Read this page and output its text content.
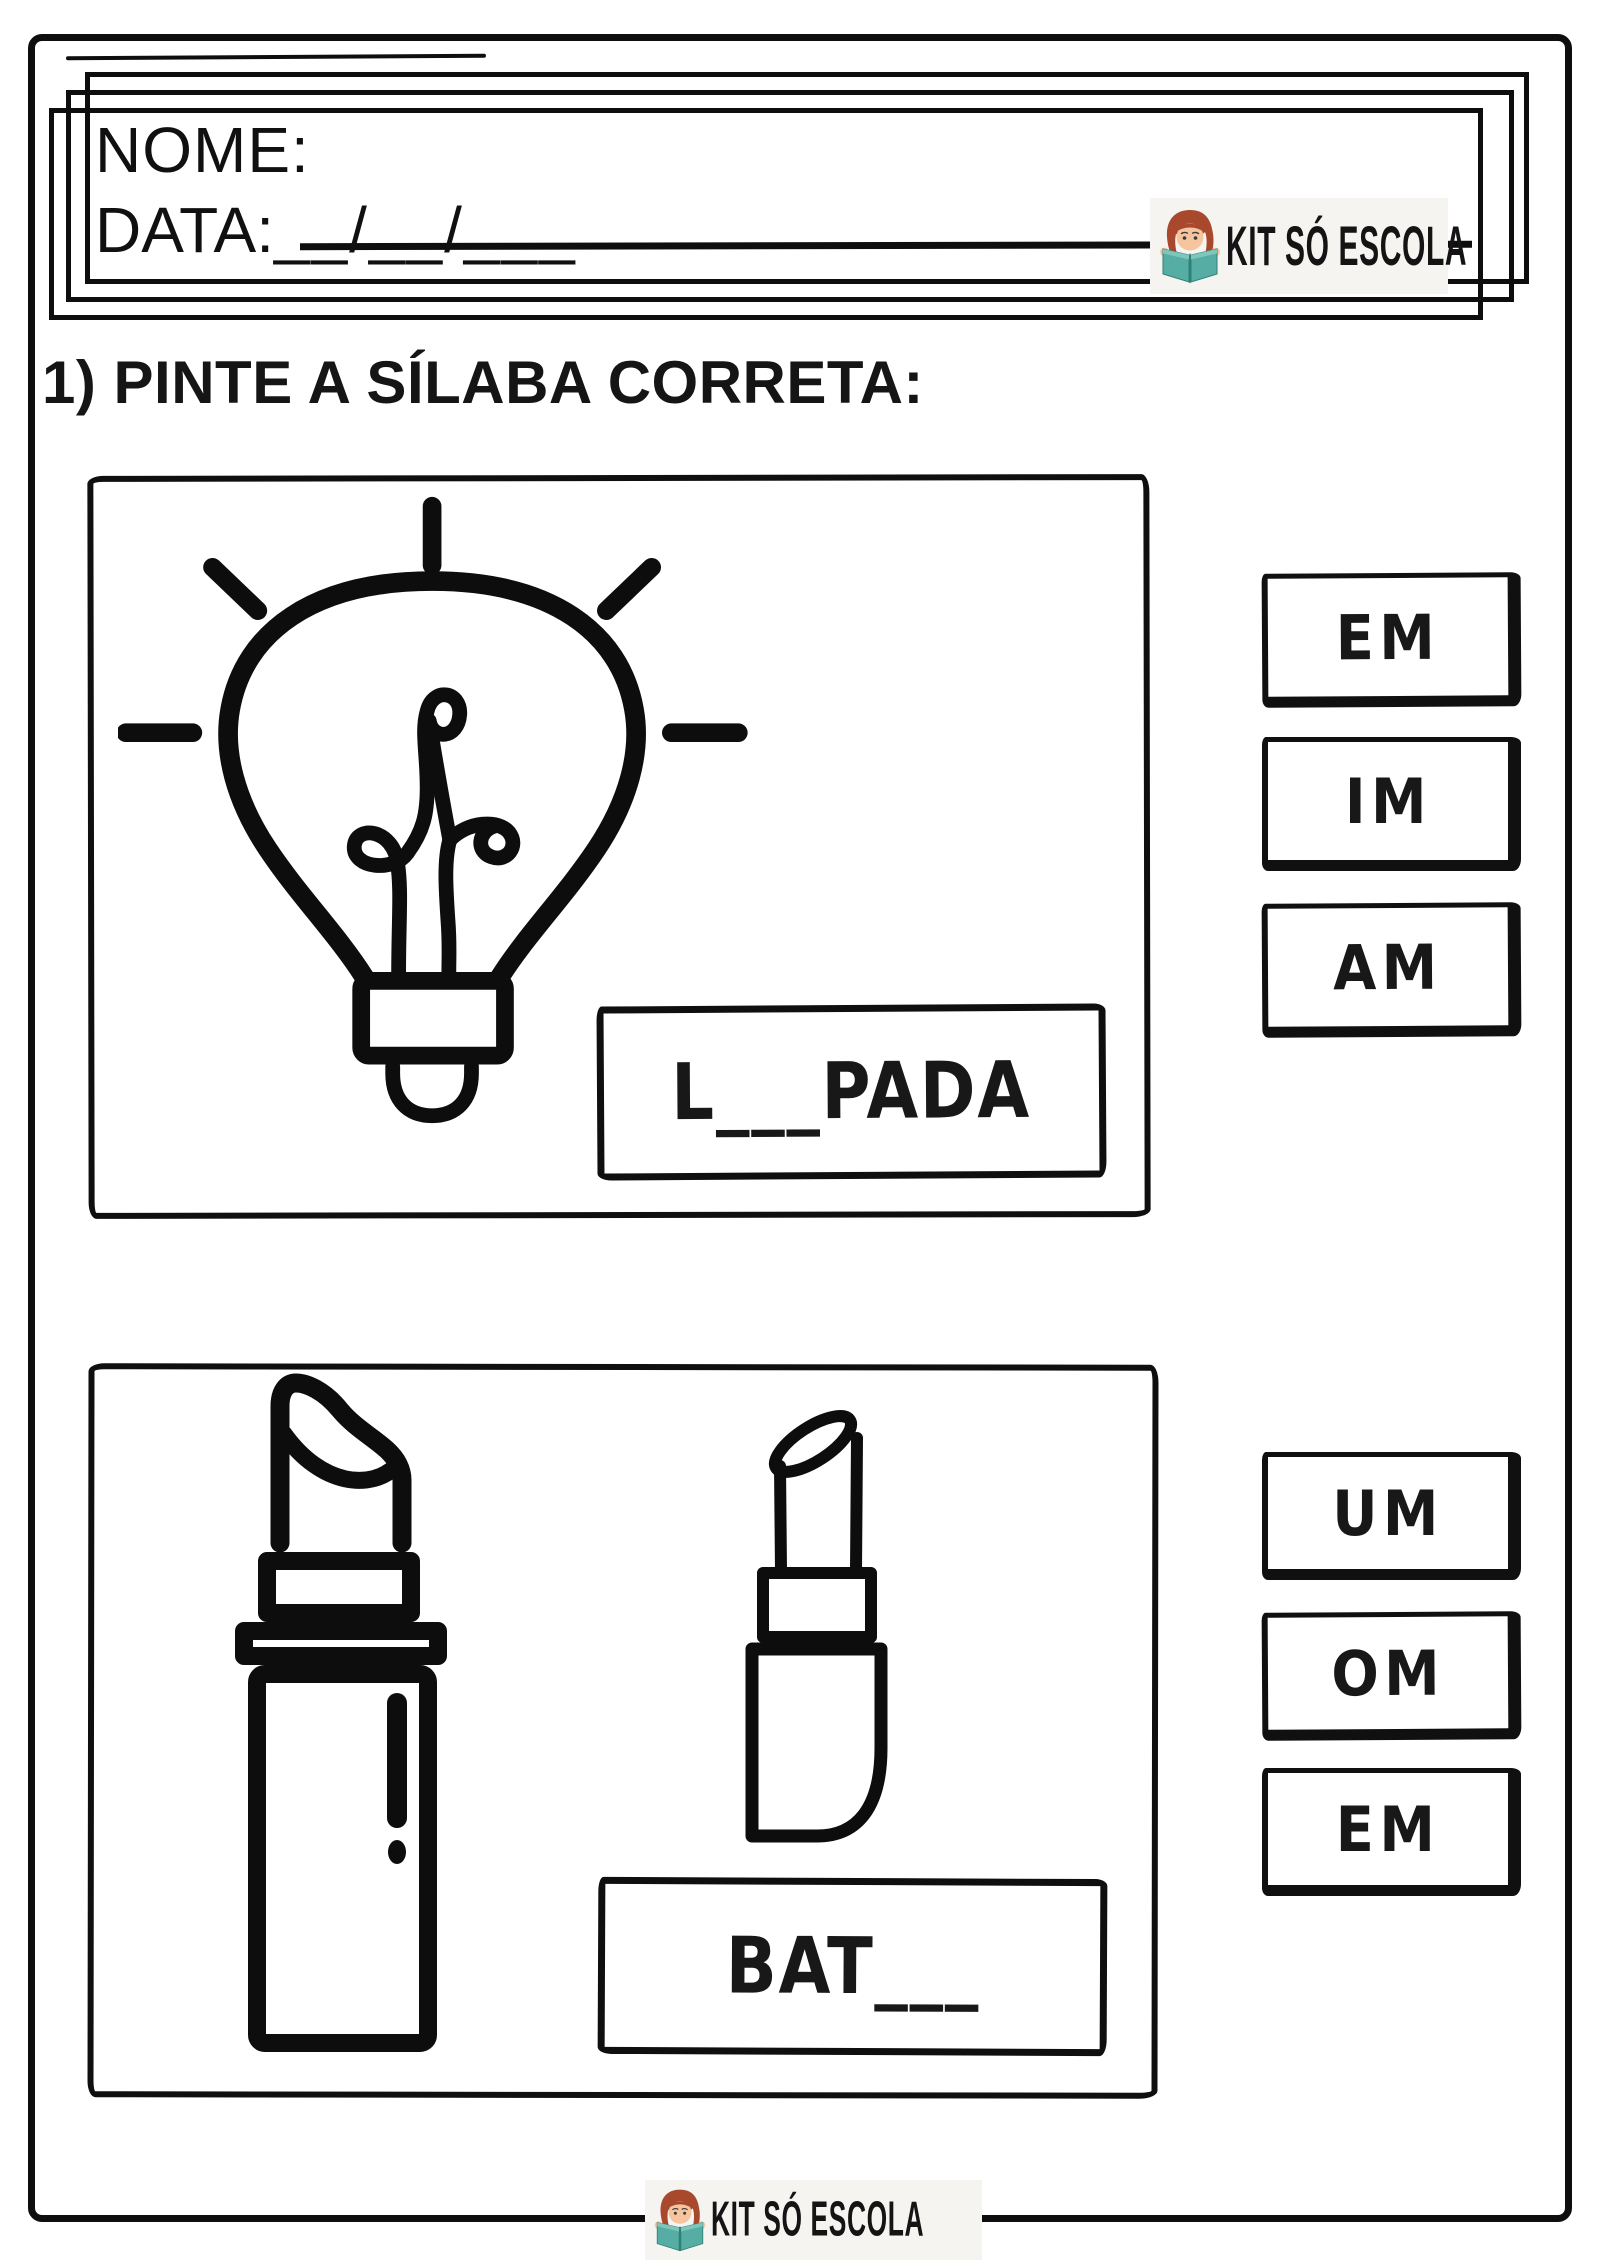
NOME:
DATA:__/__/___	KIT SÓ ESCOLA
1) PINTE A SÍLABA CORRETA:
L___PADA
EM
IM
AM
BAT___
UM
OM
EM
KIT SÓ ESCOLA
